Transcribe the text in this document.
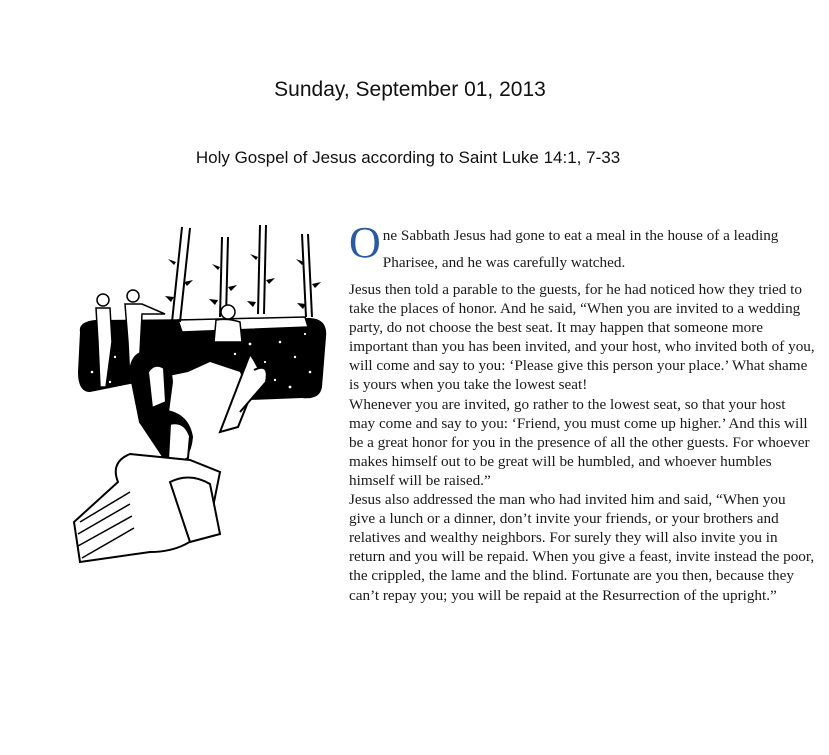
Sunday, September 01, 2013
Holy Gospel of Jesus according to Saint Luke 14:1, 7-33

One Sabbath Jesus had gone to eat a meal in the house of a leading Pharisee, and he was carefully watched.

Jesus then told a parable to the guests, for he had noticed how they tried to take the places of honor. And he said, “When you are invited to a wedding party, do not choose the best seat. It may happen that someone more important than you has been invited, and your host, who invited both of you, will come and say to you: ‘Please give this person your place.’ What shame is yours when you take the lowest seat!

Whenever you are invited, go rather to the lowest seat, so that your host may come and say to you: ‘Friend, you must come up higher.’ And this will be a great honor for you in the presence of all the other guests. For whoever makes himself out to be great will be humbled, and whoever humbles himself will be raised.”

Jesus also addressed the man who had invited him and said, “When you give a lunch or a dinner, don’t invite your friends, or your brothers and relatives and wealthy neighbors. For surely they will also invite you in return and you will be repaid. When you give a feast, invite instead the poor, the crippled, the lame and the blind. Fortunate are you then, because they can’t repay you; you will be repaid at the Resurrection of the upright.”
